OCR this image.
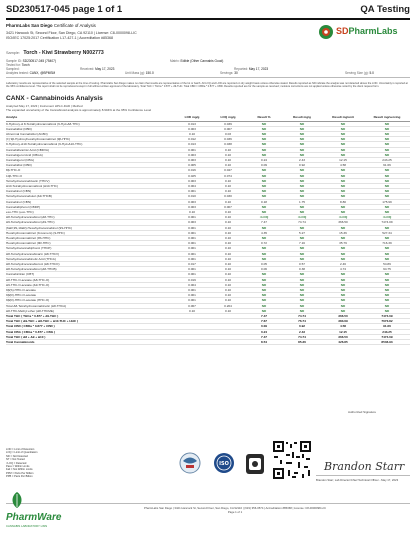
SD230517-045 page 1 of 1	QA Testing
PharmLabs San Diego Certificate of Analysis
3421 Hancock St, Second Floor, San Diego, CA 92110 | License: C8-0000098-LIC
ISO/IEC 17025:2017 Certification L17-427-1 | Accreditation #85368
SDPharmLabs
Sample: Torch - Kiwi Strawberry N002773
Sample ID: SD230517-045 (75407)
Tested for: Torch
Sampled:
Analytes tested: CANX, @BPMSM
Matrix: Edible (Other Cannabis Good)
Received: May 17, 2023	Reported: May 17, 2023
Unit Mass (g): 150.0	Servings: 30	Serving Size (g): 5.0
Laboratory results are representative of the selected sample at the time of testing. Pharmlabs San Diego makes no claim that results are representative of the lot or batch. All LOQ and LOD are reported on dry weight basis unless otherwise stated. Results reported as ND indicate the analyte was not detected above the LOD. Uncertainty is reported at the 95% confidence level. This report shall not be reproduced except in full without written approval of the laboratory. Total THC = THCa * 0.877 + d9-THC. Total CBD = CBDa * 0.877 + CBD. Results reported are for the sample as received; moisture corrections are not applied unless otherwise noted by the client request form.
CANX - Cannabinoids Analysis
Analyzed May 17, 2023 | Instrument HPLC-DAD | Method
The expanded uncertainty of the Cannabinoid analysis is approximately 8.904% at the 95% Confidence Level
Analyte	LOD mg/g	LOQ mg/g	Result %	Result mg/g	Result mg/unit	Result mg/serving
9-Hydroxy-Δ 8-Tetrahydrocannabinol (9-Hyd-Δ8-THC)	0.013	0.039	ND	ND	ND	ND
Cannabidiol (CBD)	0.003	0.007	ND	ND	ND	ND
Abnormal Cannabidiol (AC8D)	0.10	0.03	ND	ND	ND	ND
(±) 9β-Hydroxyhexahydrocannabinol (9β-HHC)	0.012	0.036	ND	ND	ND	ND
9-Hydroxy-Δ10-Tetrahydrocannabinol (9-Hyd-Δ10-THC)	0.013	0.038	ND	ND	ND	ND
Cannabidivarinic Acid (CBDVA)	0.001	0.10	ND	ND	ND	ND
Cannabigerol Acid (CBGA)	0.003	0.10	ND	ND	ND	ND
Cannabigerol (CBG)	0.003	0.10	0.24	2.43	12.15	243.25
Cannabidiol (CBD)	0.005	0.10	0.09	0.92	4.58	91.66
8β-THC-O	0.016	0.047	ND	ND	ND	ND
10β-THC-O	0.025	0.074	ND	ND	ND	ND
Tetrahydrocannabivarin (THCV)	0.003	0.10	ND	ND	ND	ND
Δ10-Tetrahydrocannabinol (Δ10-THC)	0.004	0.10	ND	ND	ND	ND
Cannabinol (CBN)	0.001	0.10	ND	ND	ND	ND
Tetrahydrocannabutol (Δ9-THCB)	0.010	0.030	ND	ND	ND	ND
Cannabinol (CBN)	0.003	0.10	0.18	1.75	8.80	175.99
Cannabidiphorol (CBDP)	0.003	0.007	ND	ND	ND	ND
exo-THC (exo-THC)	0.10	0.10	ND	ND	ND	ND
Δ8-Tetrahydrocannabinol (Δ8-THC)	0.001	0.10	<LOQ	<LOQ	<LOQ	<LOQ
Δ9-Tetrahydrocannabinol (Δ9-THC)	0.003	0.10	7.47	74.74	366.50	7474.09
(6aR,9S,10aR)-Hexahydrocannabinol (9S-HHC)	0.001	0.10	ND	ND	ND	ND
Hexahydrocannabinol (9-isomers) (9-HHC)	0.001	0.10	4.35	5.27	15.36	527.34
Hexahydrocannabinol (9S-HHC)	0.001	0.10	ND	ND	ND	ND
Hexahydrocannabinol (9R-HHC)	0.001	0.10	0.72	7.16	35.79	716.39
Tetrahydrocannabiphorol (THCP)	0.001	0.10	ND	ND	ND	ND
Δ8-Tetrahydrocannabivarin (Δ8-THCV)	0.001	0.10	ND	ND	ND	ND
Tetrahydrocannabinolic Acid (THCA)	0.001	0.10	ND	ND	ND	ND
Δ8-Tetrahydrocannabiorcol (Δ8-THCO)	0.017	0.10	0.05	0.57	2.46	54.89
Δ8-Tetrahydrocannabinol (Δ8-THCB)	0.001	0.10	0.06	0.38	4.74	94.75
Cannabicitran (CBT)	0.001	0.10	ND	ND	ND	ND
Δ8-THC-O-acetate (Δ8-THC-O)	0.019	0.10	ND	ND	ND	ND
Δ9-THC-O-acetate (Δ9-THC-O)	0.004	0.10	ND	ND	ND	ND
9β(S)-HHC-O-acetate	0.001	0.10	ND	ND	ND	ND
9β(R)-HHC-O-acetate	0.001	0.10	ND	ND	ND	ND
9β(R)-HHC-O-acetate (HHC-O)	0.001	0.10	ND	ND	ND	ND
Total Δ8-Tetrahydrocannabinolic (Δ8-THCA)	0.067	0.204	ND	ND	ND	ND
Δ8-THC-Methyl ether (Δ8-THCME)	0.10	0.10	ND	ND	ND	ND
Total THC ( THCa * 0.877 + d9-THC )			7.47	74.74	366.50	7474.09
Total THC ( Δ9-THC + Δ8-THC + Δ10-THC + HHC )			7.67	76.74	383.69	7673.82
Total CBD ( CBDa * 0.877 + CBD )			0.09	0.92	4.58	91.66
Total CBG ( CBGa * 0.877 + CBG )			0.24	2.43	12.15	243.25
Total THC ( Δ8 + Δ9 + Δ10 )			7.47	74.74	366.50	7474.09
Total Cannabinoids			8.54	85.36	426.85	8536.93
LOD = Limit of Detection
LOQ = Limit of Quantitation
ND = Not Detected
NT = Not Tested
<LOQ = Detected
Pass = Within Limits
Fail = Not Within Limits
PPM = Parts Per Million
PPB = Parts Per Billion
ISO
Authorized Signature
Brandon Starr
Brandon Starr, Lab Director/Chief Technical Officer - May 17, 2023
PharmLabs San Diego | 3421 Hancock St, Second Floor, San Diego, CA 92110 | (619) 356-0574 | Accreditation #85368 | License: C8-0000098-LIC
Page 1 of 1
PharmWare
CANNABIS LABORATORY LIMS
